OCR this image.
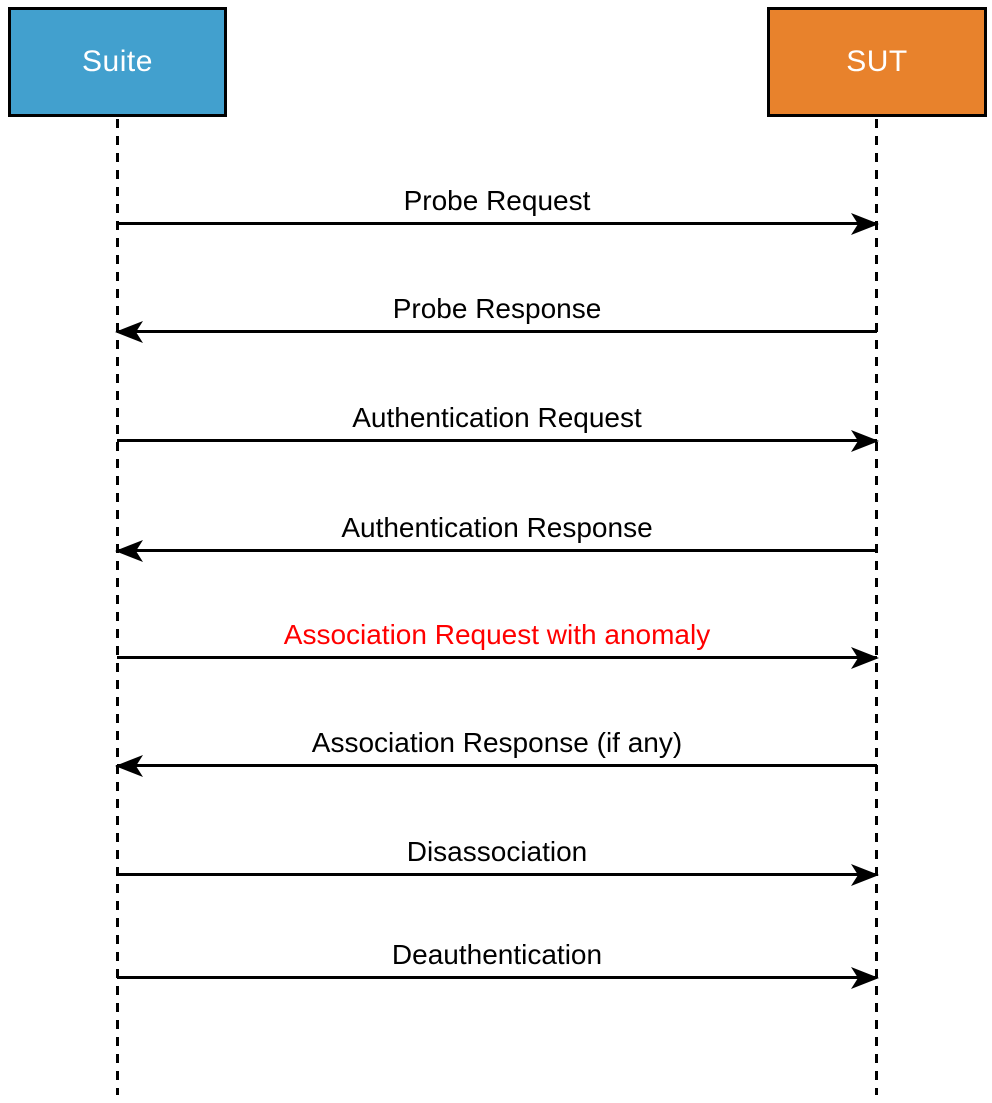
Suite	SUT
Probe Request
Probe Response
Authentication Request
Authentication Response
Association Request with anomaly
Association Response (if any)
Disassociation
Deauthentication
